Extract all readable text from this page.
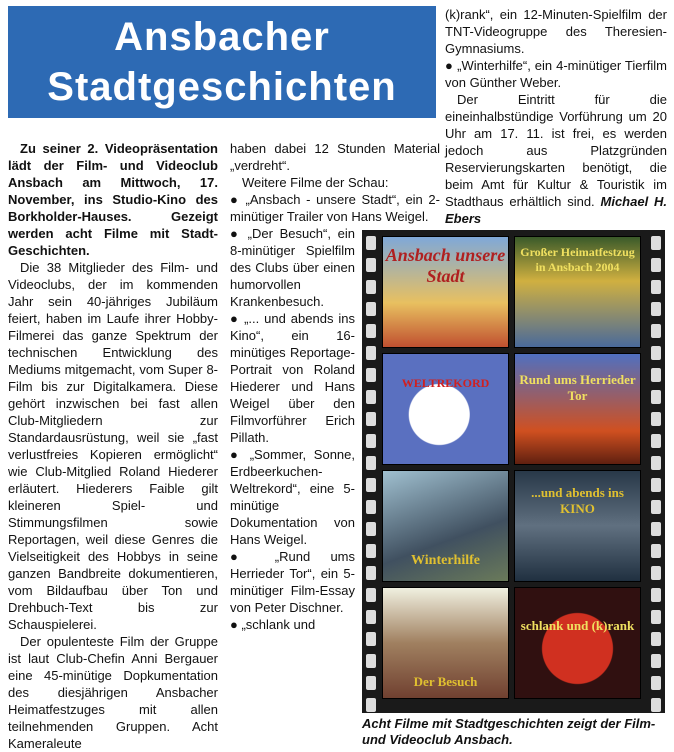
Ansbacher
Stadtgeschichten

Zu seiner 2. Videopräsentation lädt der Film- und Videoclub Ansbach am Mittwoch, 17. November, ins Studio-Kino des Borkholder-Hauses. Gezeigt werden acht Filme mit Stadt-Geschichten.

Die 38 Mitglieder des Film- und Videoclubs, der im kommenden Jahr sein 40-jähriges Jubiläum feiert, haben im Laufe ihrer Hobby-Filmerei das ganze Spektrum der technischen Entwicklung des Mediums mitgemacht, vom Super 8-Film bis zur Digitalkamera. Diese gehört inzwischen bei fast allen Club-Mitgliedern zur Standardausrüstung, weil sie „fast verlustfreies Kopieren ermöglicht“ wie Club-Mitglied Roland Hiederer erläutert. Hiederers Faible gilt kleineren Spiel- und Stimmungsfilmen sowie Reportagen, weil diese Genres die Vielseitigkeit des Hobbys in seine ganzen Bandbreite dokumentieren, vom Bildaufbau über Ton und Drehbuch-Text bis zur Schauspielerei.

Der opulenteste Film der Gruppe ist laut Club-Chefin Anni Bergauer eine 45-minütige Dopkumentation des diesjährigen Ansbacher Heimatfestzuges mit allen teilnehmenden Gruppen. Acht Kameraleute

haben dabei 12 Stunden Material „verdreht“.

Weitere Filme der Schau:

● „Ansbach - unsere Stadt“, ein 2-minütiger Trailer von Hans Weigel.

● „Der Besuch“, ein 8-minütiger Spielfilm des Clubs über einen humorvollen Krankenbesuch.

● „... und abends ins Kino“, ein 16-minütiges Reportage-Portrait von Roland Hiederer und Hans Weigel über den Filmvorführer Erich Pillath.

● „Sommer, Sonne, Erdbeerkuchen-Weltrekord“, eine 5-minütige Dokumentation von Hans Weigel.

● „Rund ums Herrieder Tor“, ein 5-minütiger Film-Essay von Peter Dischner.

● „schlank und

(k)rank“, ein 12-Minuten-Spielfilm der TNT-Videogruppe des Theresien-Gymnasiums.

● „Winterhilfe“, ein 4-minütiger Tierfilm von Günther Weber.

Der Eintritt für die eineinhalbstündige Vorführung um 20 Uhr am 17. 11. ist frei, es werden jedoch aus Platzgründen Reservierungskarten benötigt, die beim Amt für Kultur & Touristik im Stadthaus erhältlich sind. Michael H. Ebers

Ansbach unsere Stadt
Großer Heimatfestzug in Ansbach 2004
WELTREKORD	Rund ums Herrieder Tor
Winterhilfe
...und abends ins KINO
Der Besuch
schlank und (k)rank
Acht Filme mit Stadtgeschichten zeigt der Film- und Videoclub Ansbach.
